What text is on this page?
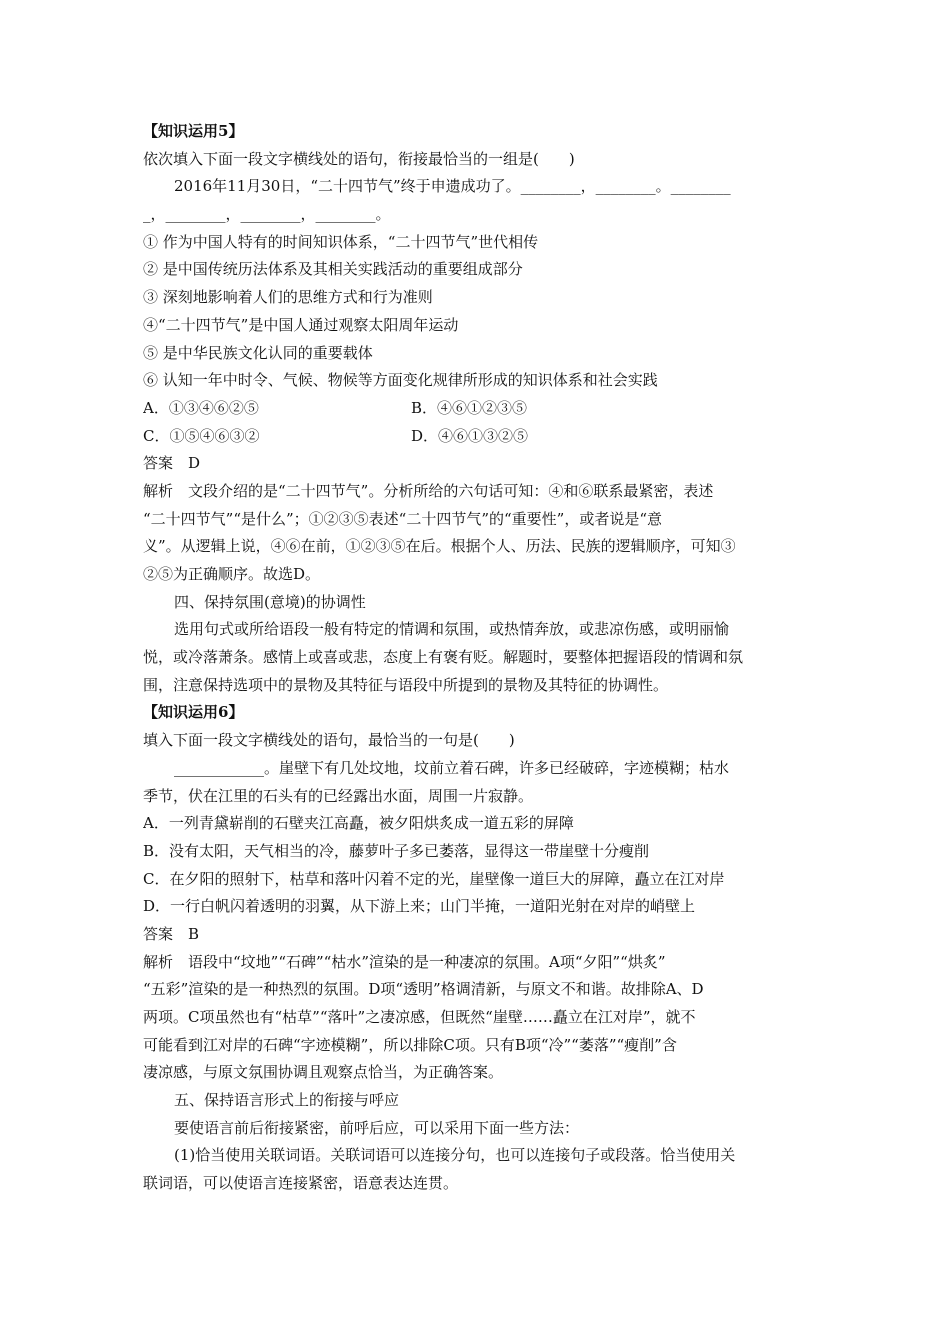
【知识运用5】
依次填入下面一段文字横线处的语句，衔接最恰当的一组是(　　)
2016年11月30日，“二十四节气”终于申遗成功了。________，________。________
_，________，________，________。
① 作为中国人特有的时间知识体系，“二十四节气”世代相传
② 是中国传统历法体系及其相关实践活动的重要组成部分
③ 深刻地影响着人们的思维方式和行为准则
④“二十四节气”是中国人通过观察太阳周年运动
⑤ 是中华民族文化认同的重要载体
⑥ 认知一年中时令、气候、物候等方面变化规律所形成的知识体系和社会实践
A．①③④⑥②⑤	B．④⑥①②③⑤
C．①⑤④⑥③②	D．④⑥①③②⑤
答案　D
解析　文段介绍的是“二十四节气”。分析所给的六句话可知：④和⑥联系最紧密，表述
“二十四节气”“是什么”；①②③⑤表述“二十四节气”的“重要性”，或者说是“意
义”。从逻辑上说，④⑥在前，①②③⑤在后。根据个人、历法、民族的逻辑顺序，可知③
②⑤为正确顺序。故选D。
四、保持氛围(意境)的协调性
选用句式或所给语段一般有特定的情调和氛围，或热情奔放，或悲凉伤感，或明丽愉
悦，或冷落萧条。感情上或喜或悲，态度上有褒有贬。解题时，要整体把握语段的情调和氛
围，注意保持选项中的景物及其特征与语段中所提到的景物及其特征的协调性。
【知识运用6】
填入下面一段文字横线处的语句，最恰当的一句是(　　)
____________。崖壁下有几处坟地，坟前立着石碑，许多已经破碎，字迹模糊；枯水
季节，伏在江里的石头有的已经露出水面，周围一片寂静。
A．一列青黛崭削的石壁夹江高矗，被夕阳烘炙成一道五彩的屏障
B．没有太阳，天气相当的冷，藤萝叶子多已萎落，显得这一带崖壁十分瘦削
C．在夕阳的照射下，枯草和落叶闪着不定的光，崖壁像一道巨大的屏障，矗立在江对岸
D．一行白帆闪着透明的羽翼，从下游上来；山门半掩，一道阳光射在对岸的峭壁上
答案　B
解析　语段中“坟地”“石碑”“枯水”渲染的是一种凄凉的氛围。A项“夕阳”“烘炙”
“五彩”渲染的是一种热烈的氛围。D项“透明”格调清新，与原文不和谐。故排除A、D
两项。C项虽然也有“枯草”“落叶”之凄凉感，但既然“崖壁……矗立在江对岸”，就不
可能看到江对岸的石碑“字迹模糊”，所以排除C项。只有B项“冷”“萎落”“瘦削”含
凄凉感，与原文氛围协调且观察点恰当，为正确答案。
五、保持语言形式上的衔接与呼应
要使语言前后衔接紧密，前呼后应，可以采用下面一些方法：
(1)恰当使用关联词语。关联词语可以连接分句，也可以连接句子或段落。恰当使用关
联词语，可以使语言连接紧密，语意表达连贯。
